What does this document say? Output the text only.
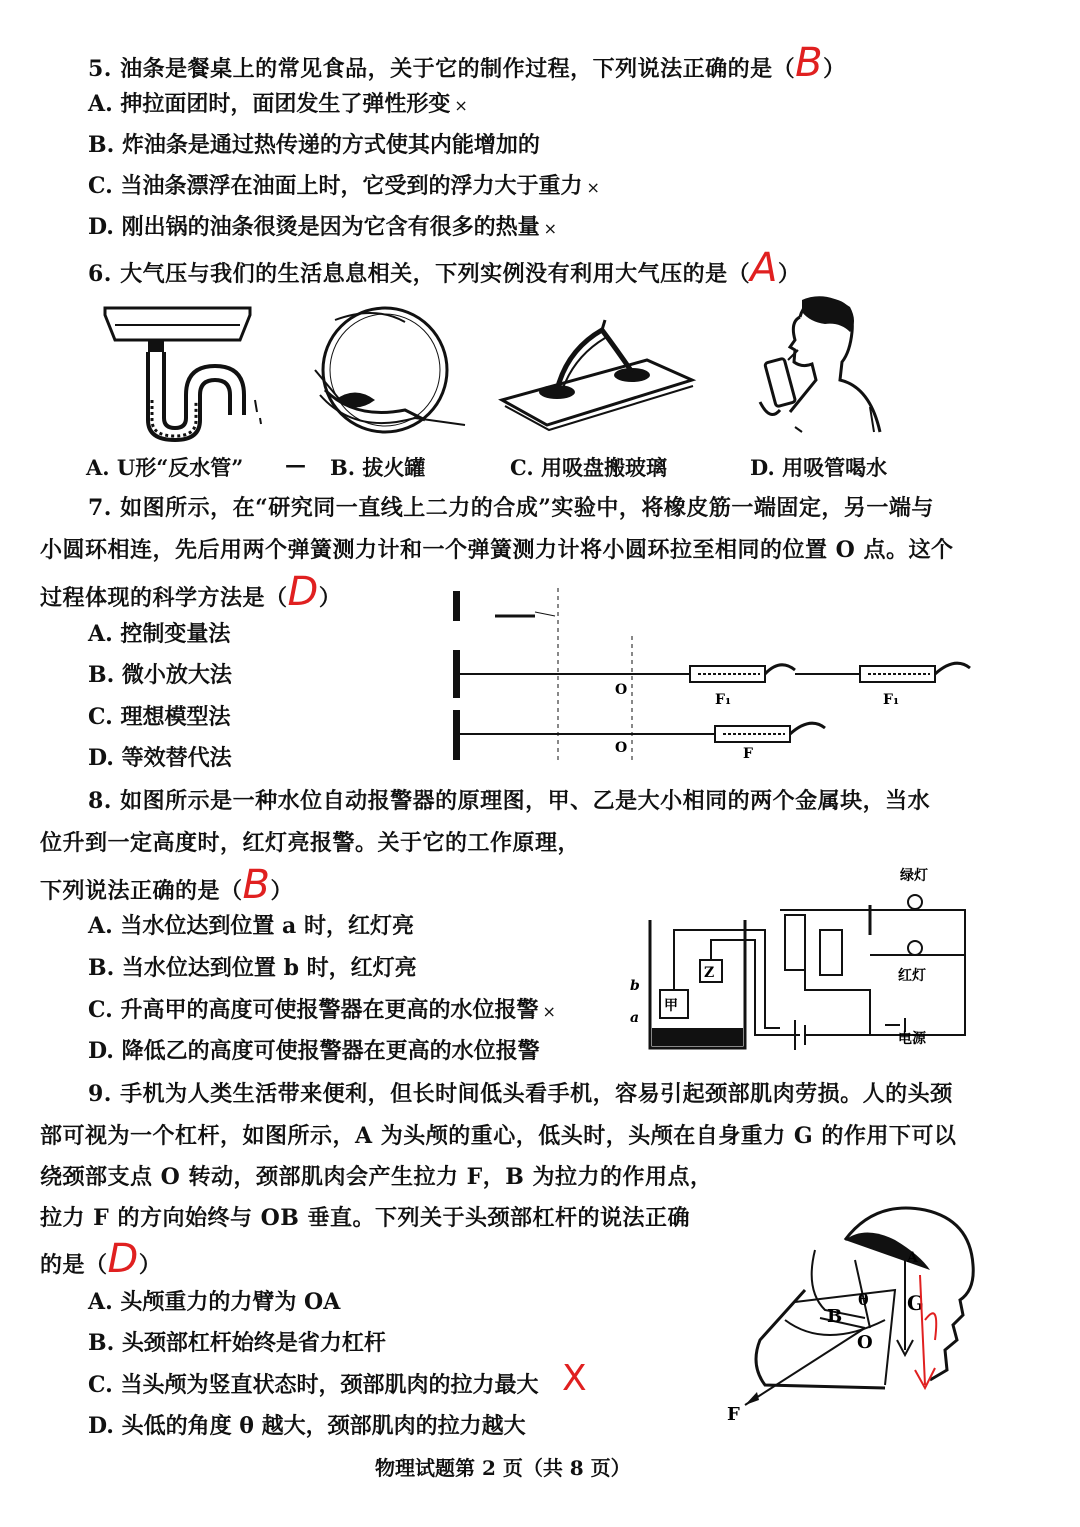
5. 油条是餐桌上的常见食品，关于它的制作过程，下列说法正确的是（B）
A. 抻拉面团时，面团发生了弹性形变 ×
B. 炸油条是通过热传递的方式使其内能增加的
C. 当油条漂浮在油面上时，它受到的浮力大于重力 ×
D. 刚出锅的油条很烫是因为它含有很多的热量 ×
6. 大气压与我们的生活息息相关，下列实例没有利用大气压的是（A）
A. U形“反水管” — B. 拔火罐	C. 用吸盘搬玻璃	D. 用吸管喝水
7. 如图所示，在“研究同一直线上二力的合成”实验中，将橡皮筋一端固定，另一端与
小圆环相连，先后用两个弹簧测力计和一个弹簧测力计将小圆环拉至相同的位置 O 点。这个
过程体现的科学方法是（D）
A. 控制变量法
B. 微小放大法
C. 理想模型法
D. 等效替代法
O
F₁	F₁
O	F
8. 如图所示是一种水位自动报警器的原理图，甲、乙是大小相同的两个金属块，当水
位升到一定高度时，红灯亮报警。关于它的工作原理，
下列说法正确的是（B）
A. 当水位达到位置 a 时，红灯亮
B. 当水位达到位置 b 时，红灯亮
C. 升高甲的高度可使报警器在更高的水位报警 ×
D. 降低乙的高度可使报警器在更高的水位报警
甲
Z
绿灯
红灯
电源
b
a
9. 手机为人类生活带来便利，但长时间低头看手机，容易引起颈部肌肉劳损。人的头颈
部可视为一个杠杆，如图所示，A 为头颅的重心，低头时，头颅在自身重力 G 的作用下可以
绕颈部支点 O 转动，颈部肌肉会产生拉力 F，B 为拉力的作用点，
拉力 F 的方向始终与 OB 垂直。下列关于头颈部杠杆的说法正确
的是（D）
A. 头颅重力的力臂为 OA
B. 头颈部杠杆始终是省力杠杆
C. 当头颅为竖直状态时，颈部肌肉的拉力最大 X
D. 头低的角度 θ 越大，颈部肌肉的拉力越大
B
O
θ G
A
F
物理试题第 2 页（共 8 页）
